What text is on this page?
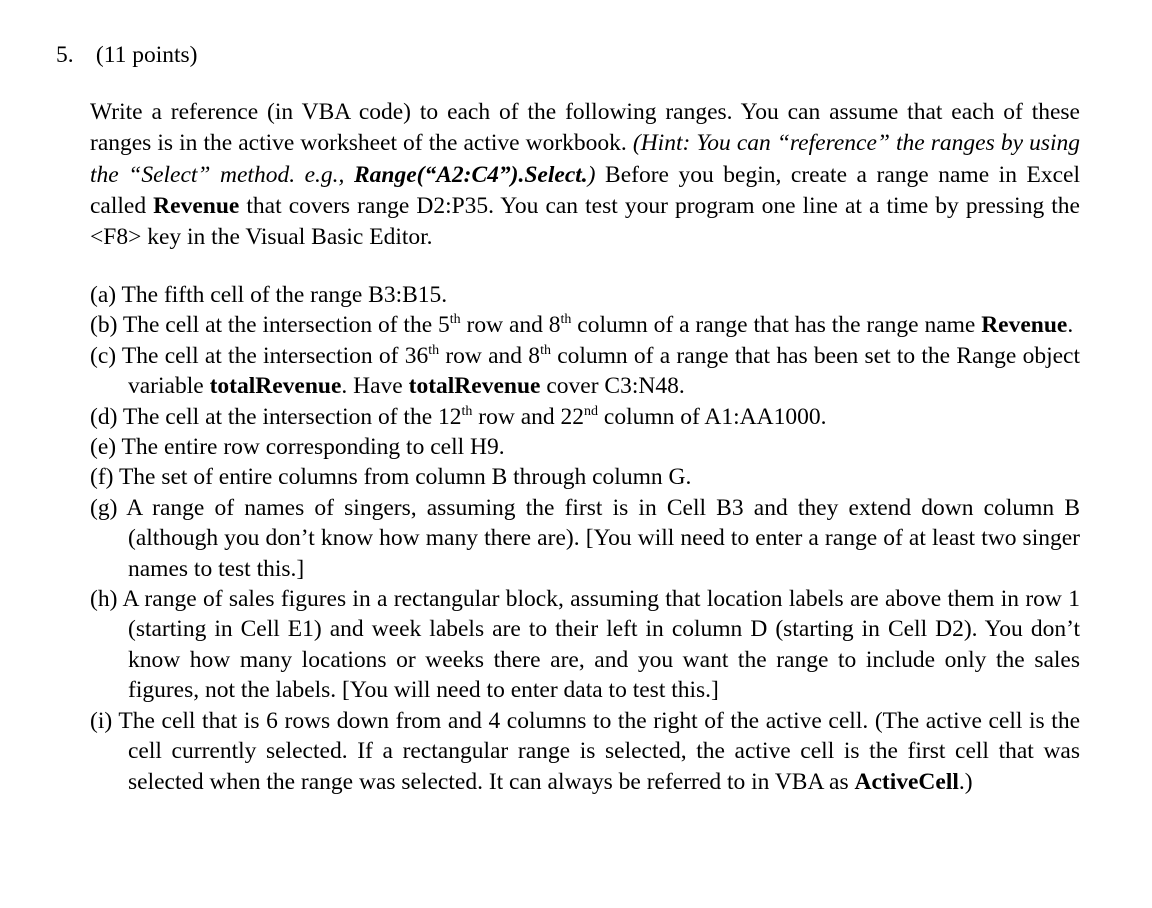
5. (11 points)
Write a reference (in VBA code) to each of the following ranges. You can assume that each of these ranges is in the active worksheet of the active workbook. (Hint: You can “reference” the ranges by using the “Select” method. e.g., Range(“A2:C4”).Select.) Before you begin, create a range name in Excel called Revenue that covers range D2:P35. You can test your program one line at a time by pressing the <F8> key in the Visual Basic Editor.
(a) The fifth cell of the range B3:B15.
(b) The cell at the intersection of the 5th row and 8th column of a range that has the range name Revenue.
(c) The cell at the intersection of 36th row and 8th column of a range that has been set to the Range object variable totalRevenue. Have totalRevenue cover C3:N48.
(d) The cell at the intersection of the 12th row and 22nd column of A1:AA1000.
(e) The entire row corresponding to cell H9.
(f) The set of entire columns from column B through column G.
(g) A range of names of singers, assuming the first is in Cell B3 and they extend down column B (although you don’t know how many there are). [You will need to enter a range of at least two singer names to test this.]
(h) A range of sales figures in a rectangular block, assuming that location labels are above them in row 1 (starting in Cell E1) and week labels are to their left in column D (starting in Cell D2). You don’t know how many locations or weeks there are, and you want the range to include only the sales figures, not the labels. [You will need to enter data to test this.]
(i) The cell that is 6 rows down from and 4 columns to the right of the active cell. (The active cell is the cell currently selected. If a rectangular range is selected, the active cell is the first cell that was selected when the range was selected. It can always be referred to in VBA as ActiveCell.)
